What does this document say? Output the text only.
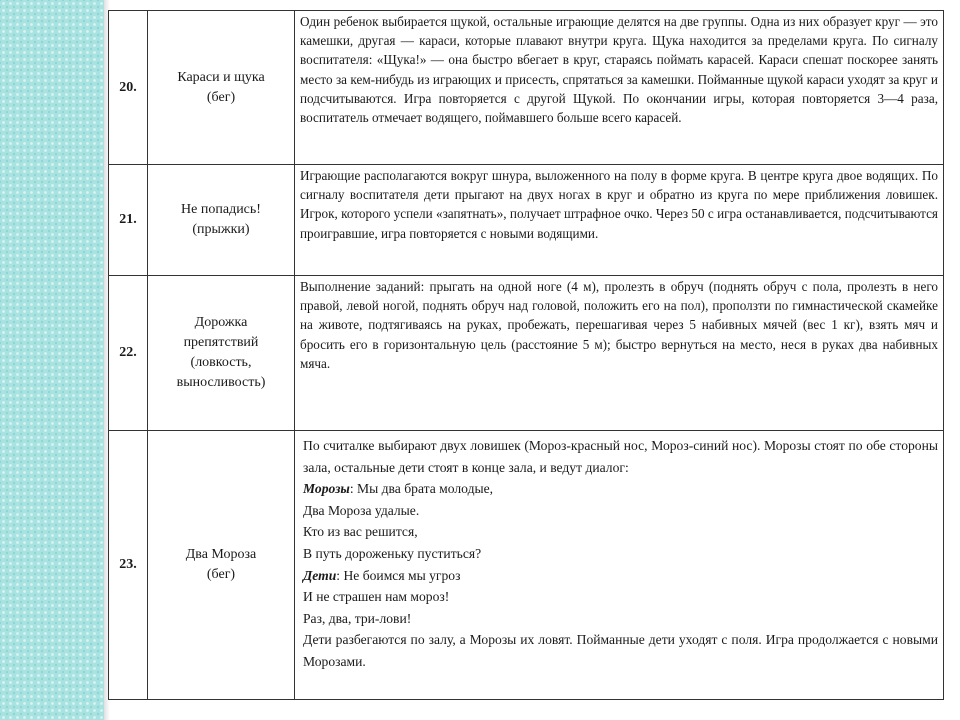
20.
Караси и щука
(бег)

Один ребенок выбирается щукой, остальные играющие делятся на две группы. Одна из них образует круг — это камешки, другая — караси, которые плавают внутри круга. Щука находится за пределами круга. По сигналу воспитателя: «Щука!» — она быстро вбегает в круг, стараясь поймать карасей. Караси спешат поскорее занять место за кем-нибудь из играющих и присесть, спрятаться за камешки. Пойманные щукой караси уходят за круг и подсчитываются. Игра повторяется с другой Щукой. По окончании игры, которая повторяется 3—4 раза, воспитатель отмечает водящего, поймавшего больше всего карасей.

21.
Не попадись!
(прыжки)

Играющие располагаются вокруг шнура, выложенного на полу в форме круга. В центре круга двое водящих. По сигналу воспитателя дети прыгают на двух ногах в круг и обратно из круга по мере приближения ловишек. Игрок, которого успели «запятнать», получает штрафное очко. Через 50 с игра останавливается, подсчитываются проигравшие, игра повторяется с новыми водящими.

22.
Дорожка
препятствий
(ловкость,
выносливость)

Выполнение заданий: прыгать на одной ноге (4 м), пролезть в обруч (поднять обруч с пола, пролезть в него правой, левой ногой, поднять обруч над головой, положить его на пол), проползти по гимнастической скамейке на животе, подтягиваясь на руках, пробежать, перешагивая через 5 набивных мячей (вес 1 кг), взять мяч и бросить его в горизонтальную цель (расстояние 5 м); быстро вернуться на место, неся в руках два набивных мяча.

23.
Два Мороза
(бег)

По считалке выбирают двух ловишек (Мороз-красный нос, Мороз-синий нос). Морозы стоят по обе стороны зала, остальные дети стоят в конце зала, и ведут диалог:

Морозы: Мы два брата молодые,
Два Мороза удалые.
Кто из вас решится,
В путь дороженьку пуститься?
Дети: Не боимся мы угроз
И не страшен нам мороз!
Раз, два, три-лови!

Дети разбегаются по залу, а Морозы их ловят. Пойманные дети уходят с поля. Игра продолжается с новыми Морозами.
